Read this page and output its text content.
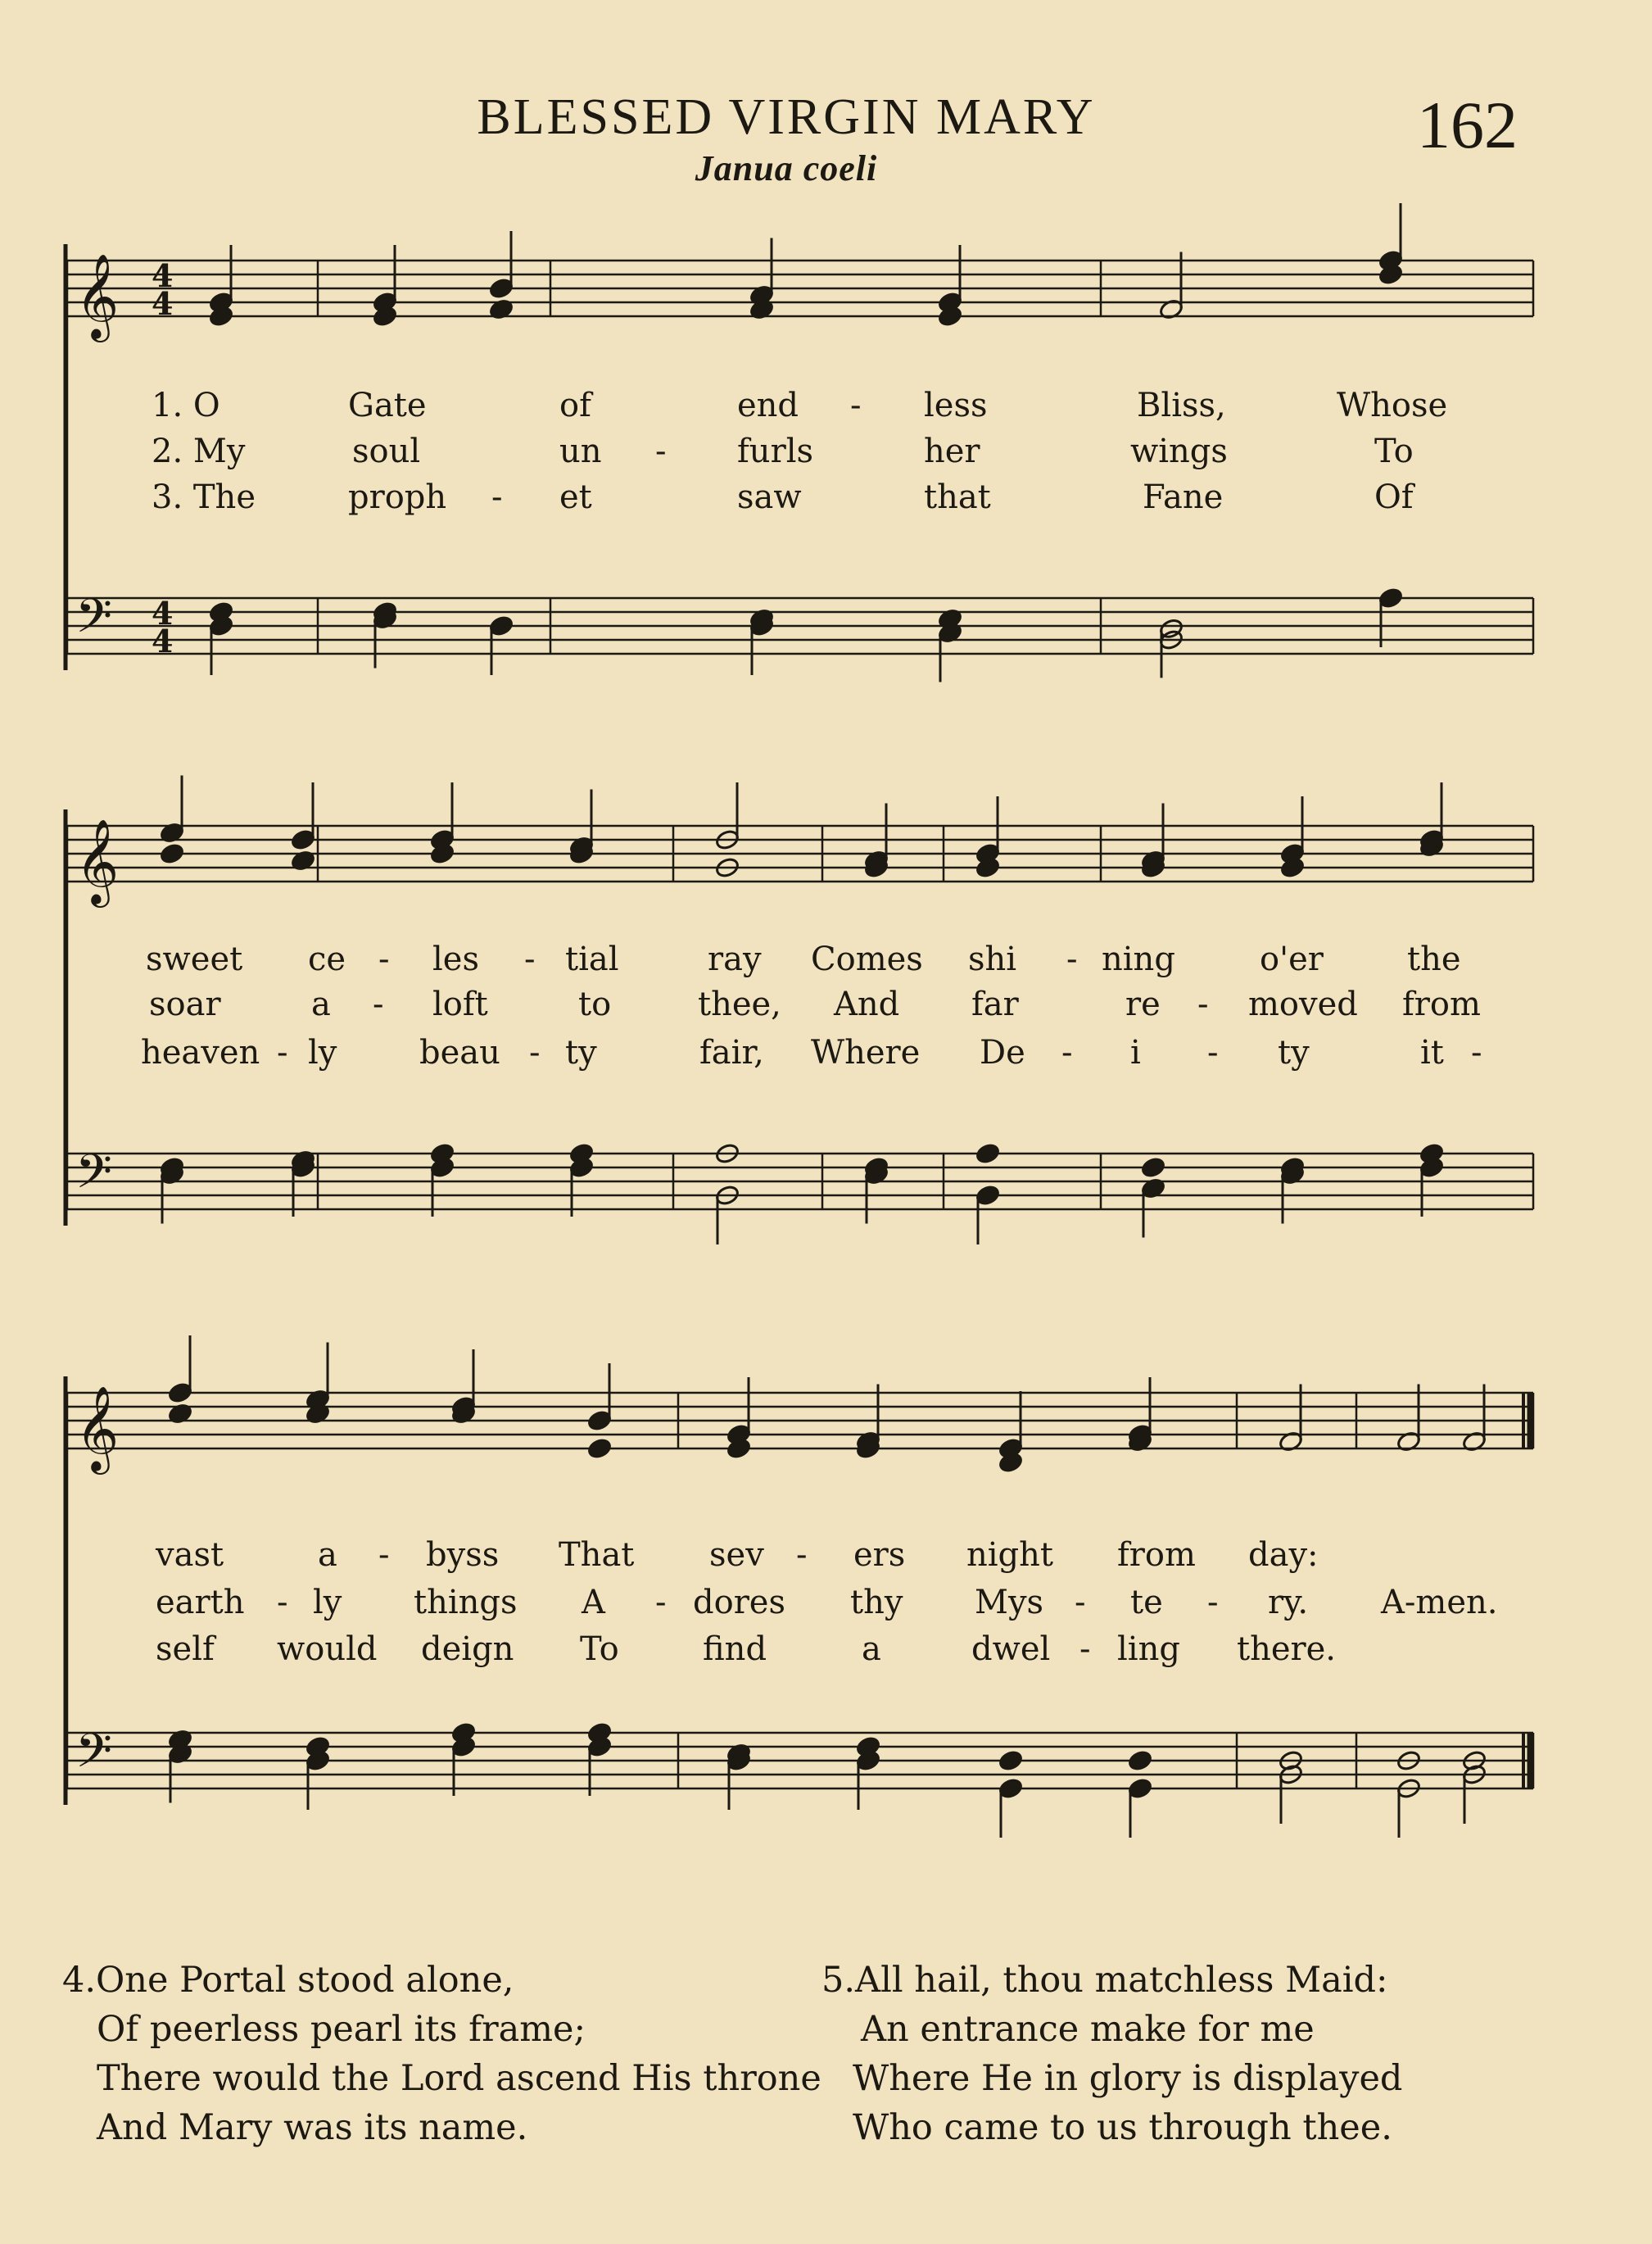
BLESSED VIRGIN MARY
Janua coeli
162
𝄞
𝄢
𝄞
𝄢
𝄞
𝄢
4
4
4
4
1. O	Gate	of	end - less	Bliss,	Whose
2. My	soul	un - furls	her	wings	To
3. The	proph - et	saw	that	Fane	Of
sweet ce - les - tial	ray Comes shi - ning	o'er	the
soar	a - loft	to	thee, And far	re - moved from
heaven - ly	beau - ty	fair, Where De - i - ty	it -
vast	a - byss That sev - ers night from day:
earth - ly things A - dores thy Mys - te - ry. A-men.
self would deign To	find	a	dwel - ling there.
4.One Portal stood alone,
Of peerless pearl its frame;
There would the Lord ascend His throne
And Mary was its name.
5.All hail, thou matchless Maid:
An entrance make for me
Where He in glory is displayed
Who came to us through thee.
